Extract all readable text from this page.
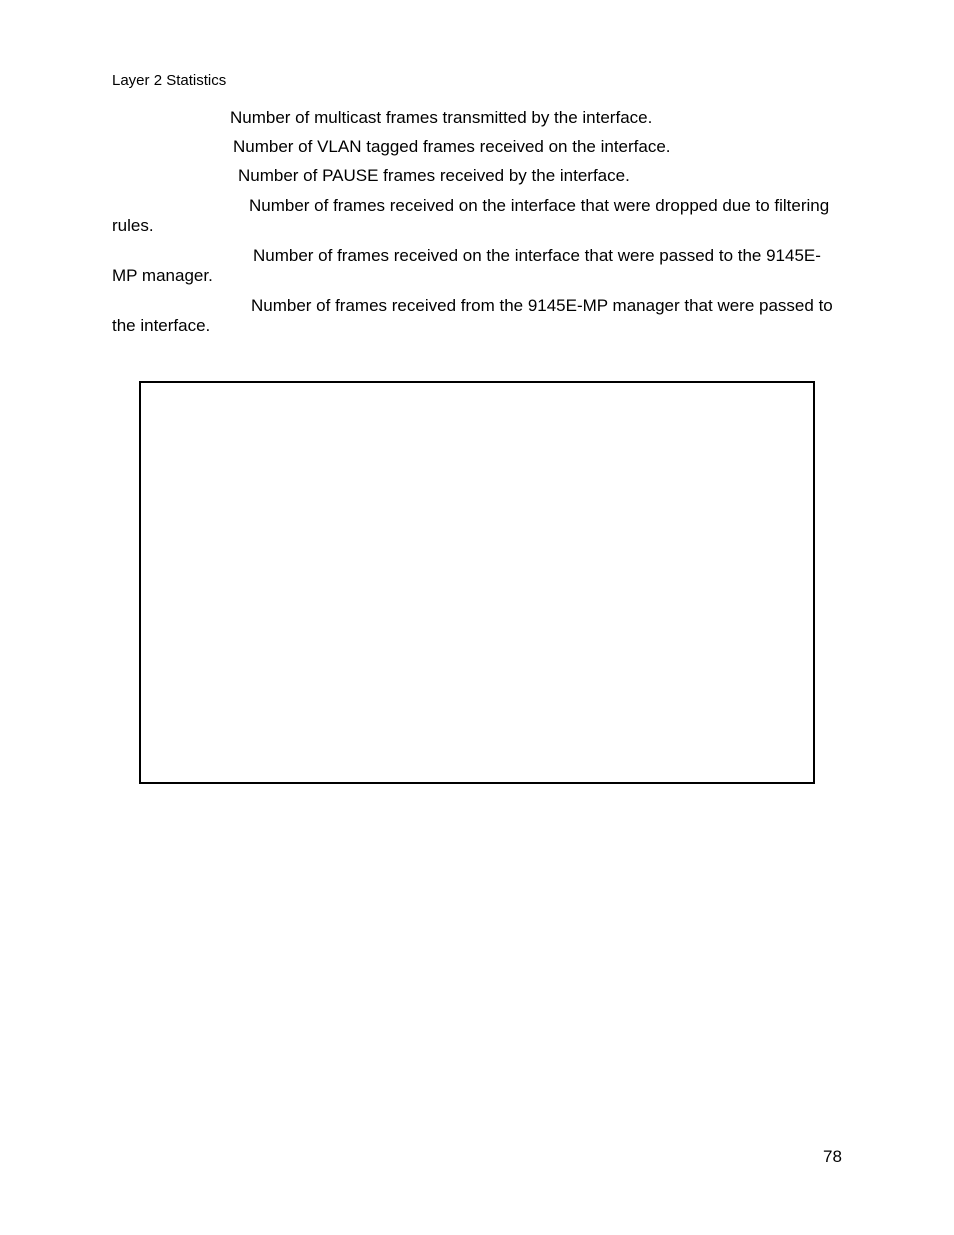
Layer 2 Statistics
Number of multicast frames transmitted by the interface.
Number of VLAN tagged frames received on the interface.
Number of PAUSE frames received by the interface.
Number of frames received on the interface that were dropped due to filtering
rules.
Number of frames received on the interface that were passed to the 9145E-
MP manager.
Number of frames received from the 9145E-MP manager that were passed to
the interface.
78
